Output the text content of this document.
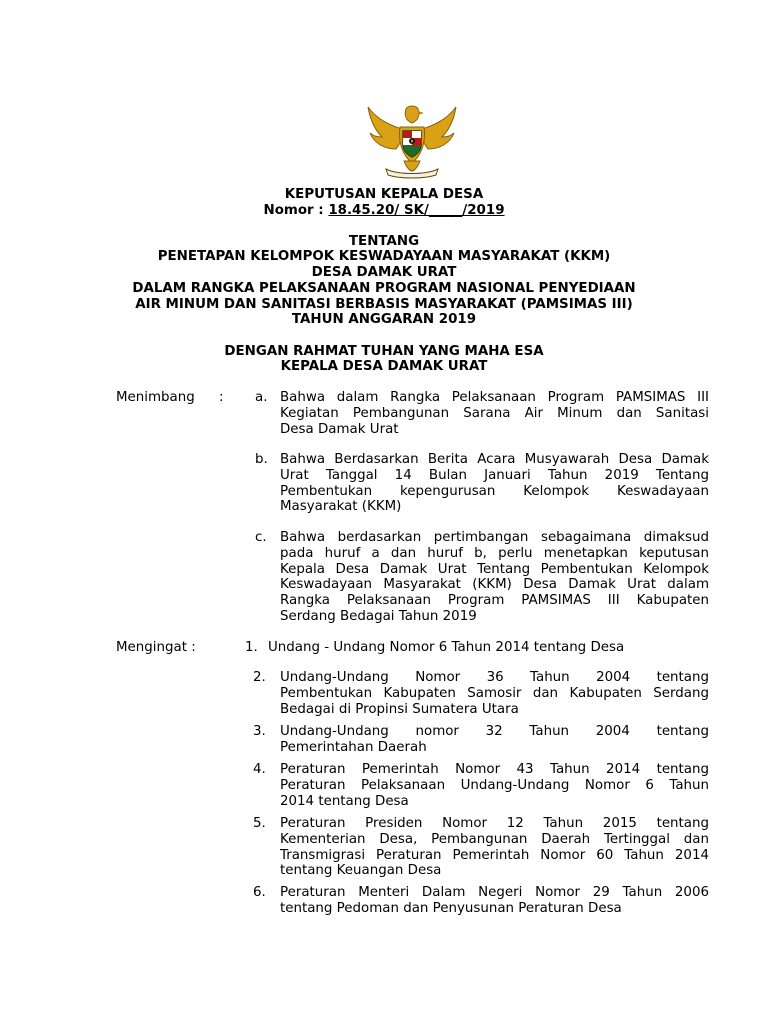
KEPUTUSAN KEPALA DESA

Nomor : 18.45.20/ SK/_____/2019

TENTANG

PENETAPAN KELOMPOK KESWADAYAAN MASYARAKAT (KKM)

DESA DAMAK URAT

DALAM RANGKA PELAKSANAAN PROGRAM NASIONAL PENYEDIAAN

AIR MINUM DAN SANITASI BERBASIS MASYARAKAT (PAMSIMAS III)

TAHUN ANGGARAN 2019

DENGAN RAHMAT TUHAN YANG MAHA ESA

KEPALA DESA DAMAK URAT

Menimbang : a. Bahwa dalam Rangka Pelaksanaan Program PAMSIMAS III
Kegiatan Pembangunan Sarana Air Minum dan Sanitasi
Desa Damak Urat

b. Bahwa Berdasarkan Berita Acara Musyawarah Desa Damak
Urat Tanggal 14 Bulan Januari Tahun 2019 Tentang
Pembentukan kepengurusan Kelompok Keswadayaan
Masyarakat (KKM)

c. Bahwa berdasarkan pertimbangan sebagaimana dimaksud
pada huruf a dan huruf b, perlu menetapkan keputusan
Kepala Desa Damak Urat Tentang Pembentukan Kelompok
Keswadayaan Masyarakat (KKM) Desa Damak Urat dalam
Rangka Pelaksanaan Program PAMSIMAS III Kabupaten
Serdang Bedagai Tahun 2019

Mengingat :	1. Undang - Undang Nomor 6 Tahun 2014 tentang Desa
2. Undang-Undang Nomor 36 Tahun 2004 tentang
Pembentukan Kabupaten Samosir dan Kabupaten Serdang
Bedagai di Propinsi Sumatera Utara

3. Undang-Undang nomor 32 Tahun 2004 tentang
Pemerintahan Daerah

4. Peraturan Pemerintah Nomor 43 Tahun 2014 tentang
Peraturan Pelaksanaan Undang-Undang Nomor 6 Tahun
2014 tentang Desa

5. Peraturan Presiden Nomor 12 Tahun 2015 tentang
Kementerian Desa, Pembangunan Daerah Tertinggal dan
Transmigrasi Peraturan Pemerintah Nomor 60 Tahun 2014
tentang Keuangan Desa

6. Peraturan Menteri Dalam Negeri Nomor 29 Tahun 2006
tentang Pedoman dan Penyusunan Peraturan Desa
